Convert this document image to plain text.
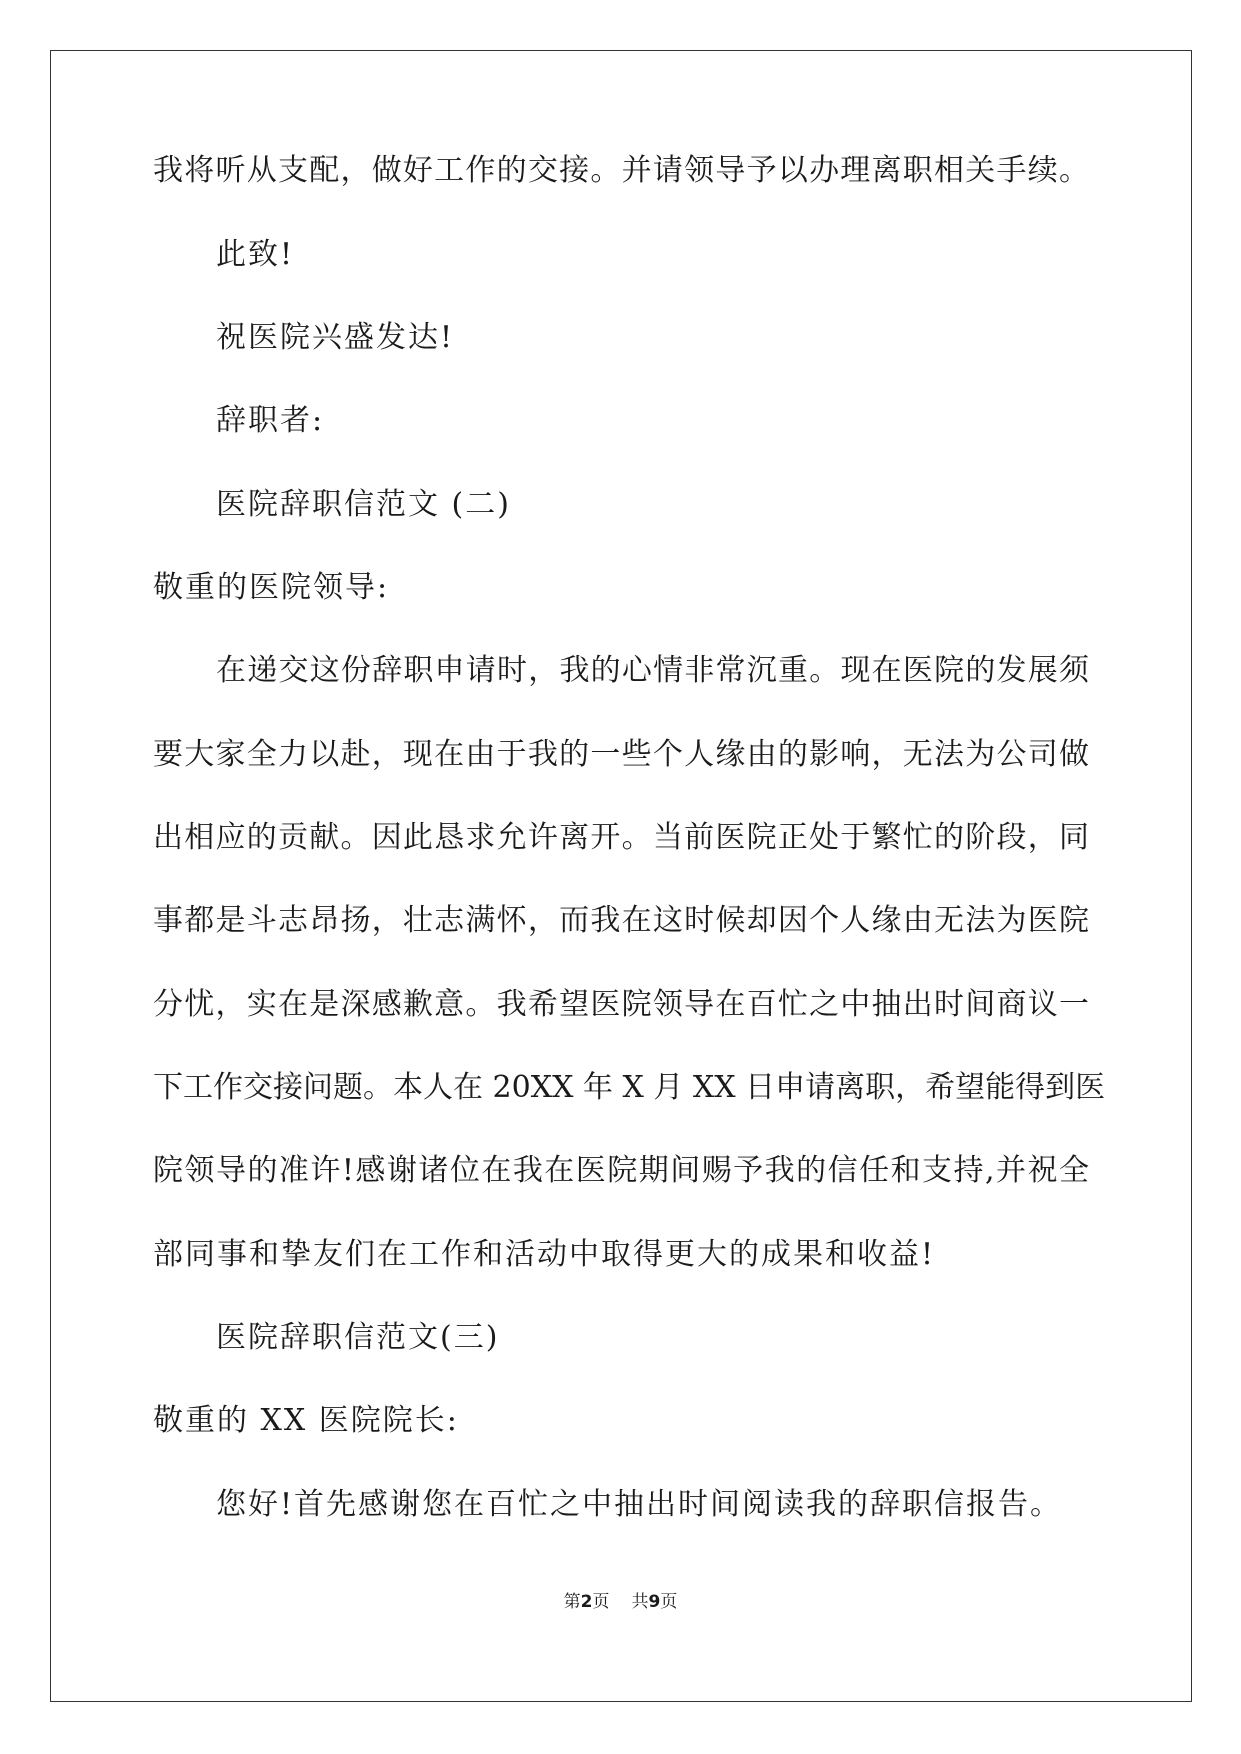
我将听从支配，做好工作的交接。并请领导予以办理离职相关手续。
此致!
祝医院兴盛发达!
辞职者:
医院辞职信范文 (二)
敬重的医院领导:
在递交这份辞职申请时，我的心情非常沉重。现在医院的发展须
要大家全力以赴，现在由于我的一些个人缘由的影响，无法为公司做
出相应的贡献。因此恳求允许离开。当前医院正处于繁忙的阶段，同
事都是斗志昂扬，壮志满怀，而我在这时候却因个人缘由无法为医院
分忧，实在是深感歉意。我希望医院领导在百忙之中抽出时间商议一
下工作交接问题。本人在 20XX 年 X 月 XX 日申请离职，希望能得到医
院领导的准许!感谢诸位在我在医院期间赐予我的信任和支持,并祝全
部同事和挚友们在工作和活动中取得更大的成果和收益!
医院辞职信范文(三)
敬重的 XX 医院院长:
您好!首先感谢您在百忙之中抽出时间阅读我的辞职信报告。
第2页 共9页
